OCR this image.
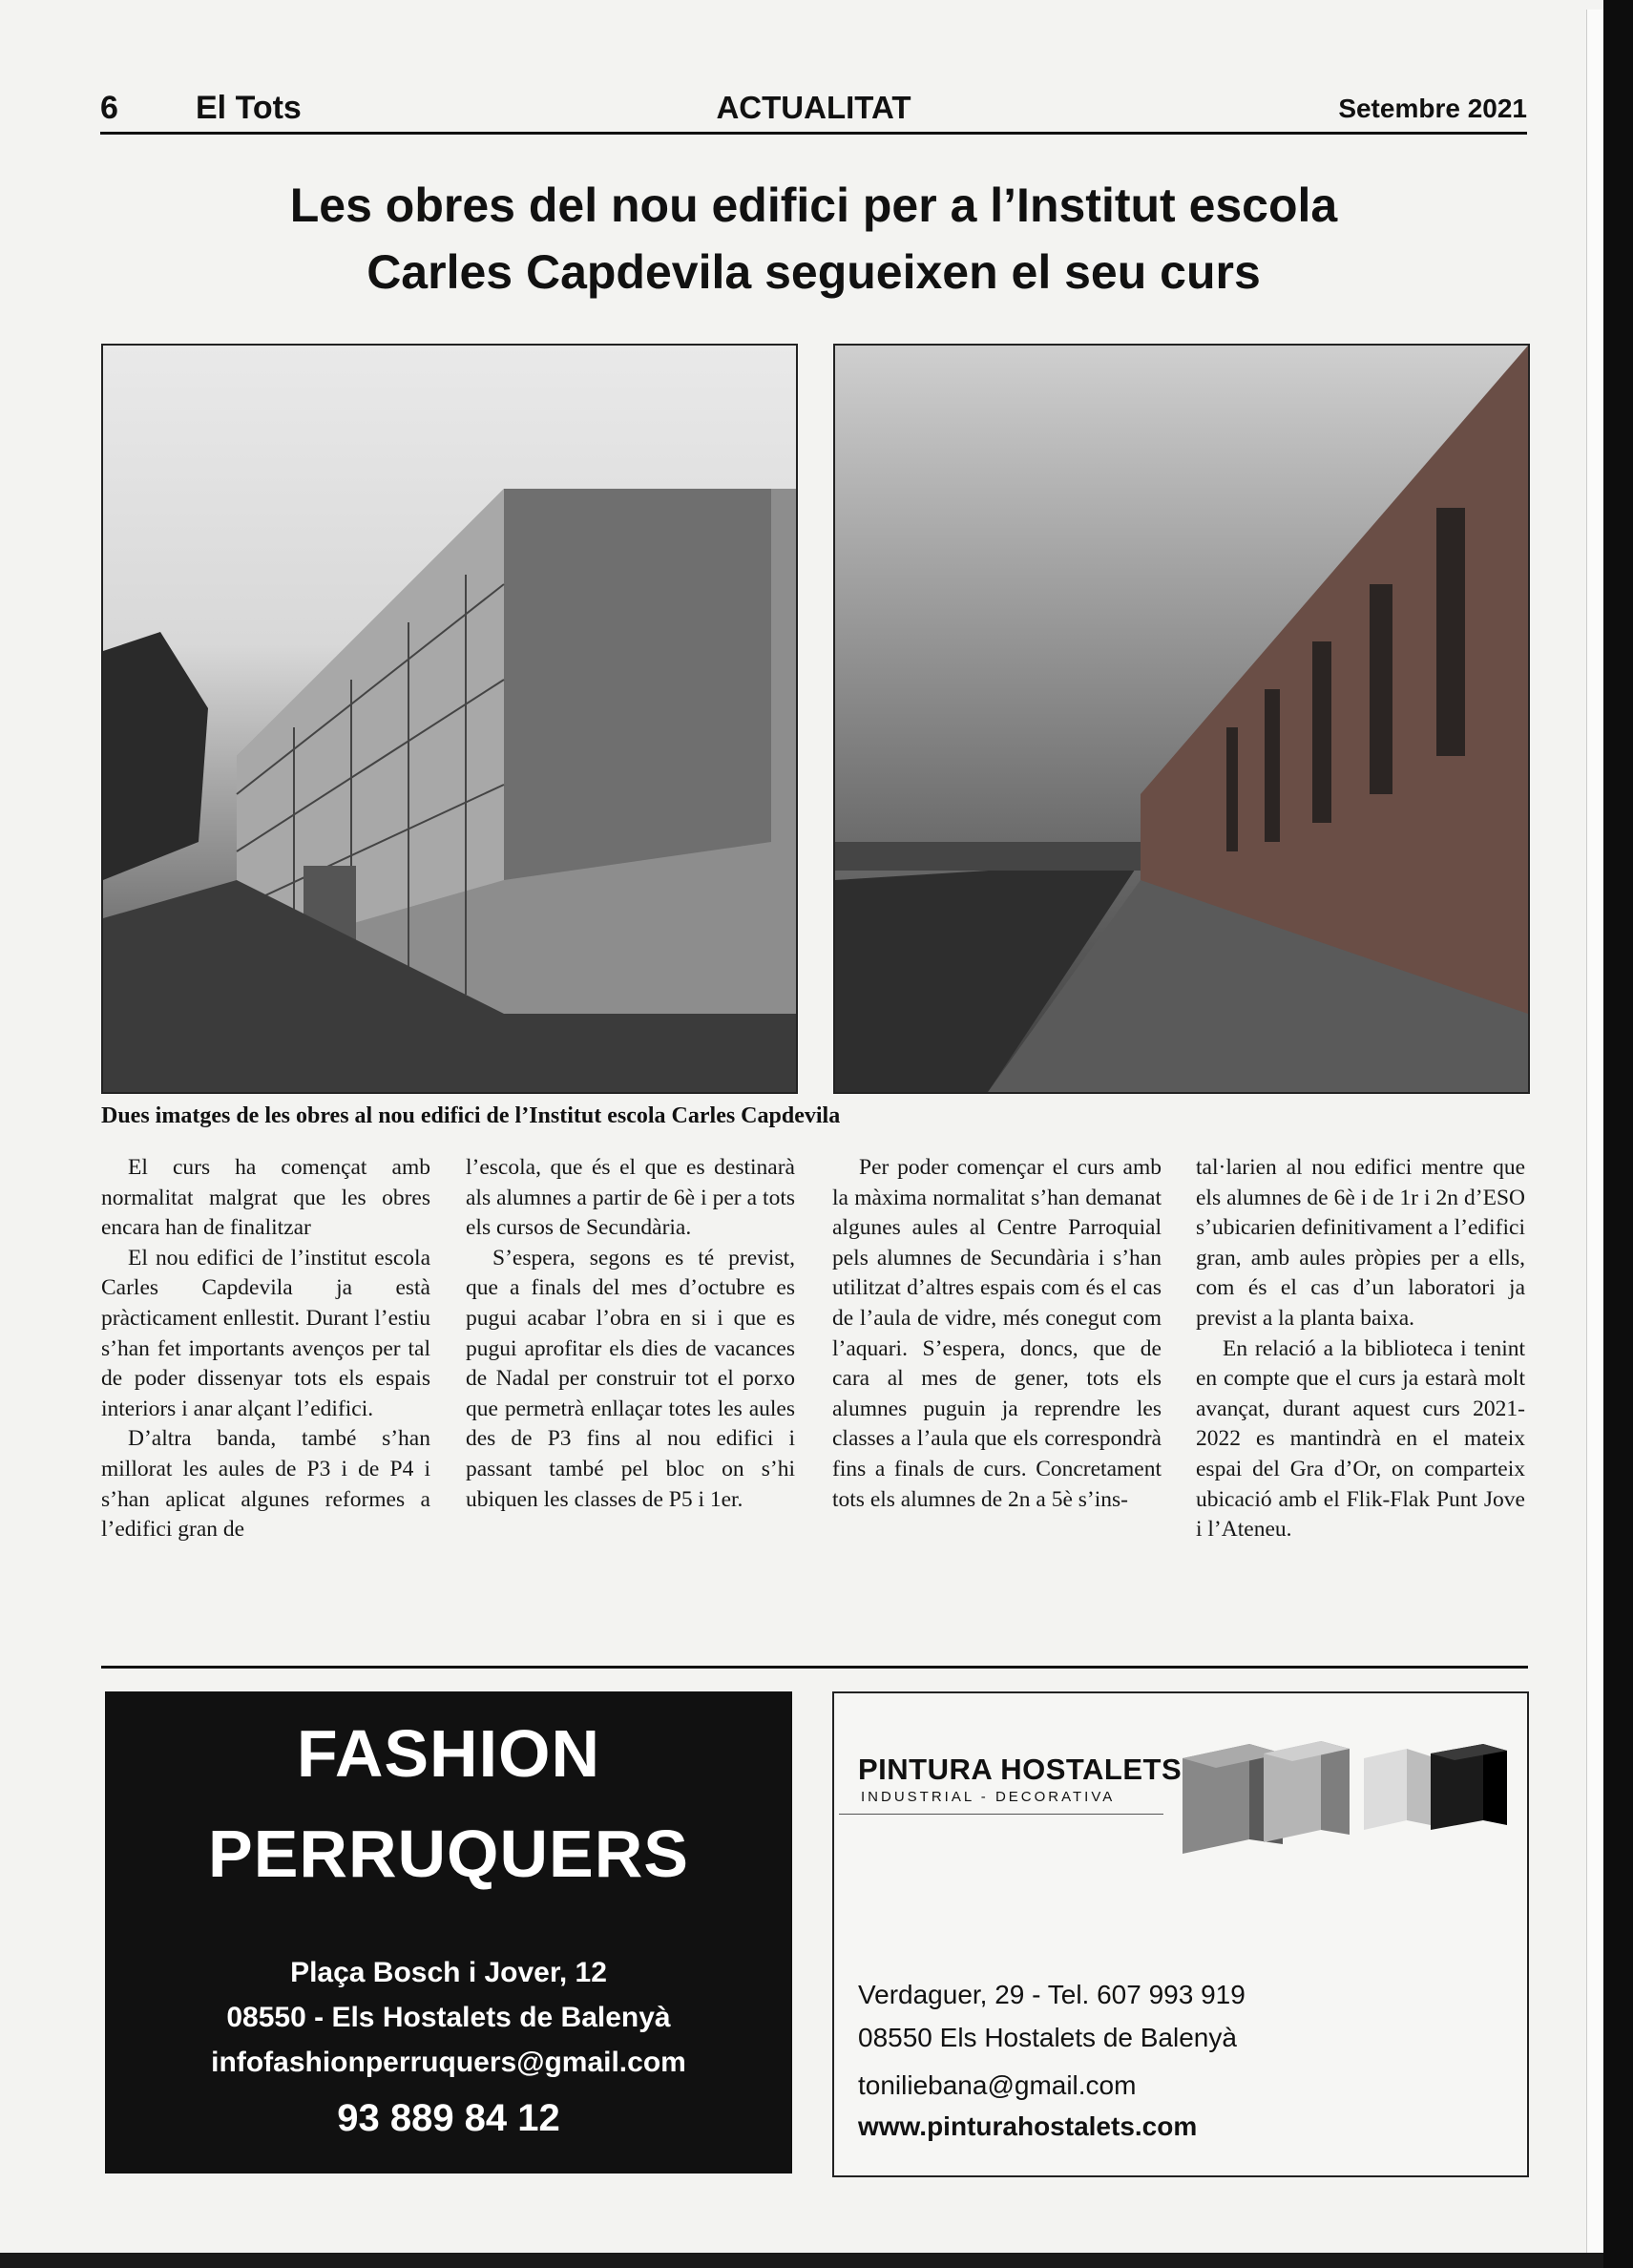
6 El Tots	ACTUALITAT	Setembre 2021
Les obres del nou edifici per a l’Institut escola
Carles Capdevila segueixen el seu curs
Dues imatges de les obres al nou edifici de l’Institut escola Carles Capdevila

El curs ha començat amb normalitat malgrat que les obres encara han de finalitzar

El nou edifici de l’institut escola Carles Capdevila ja està pràcticament enllestit. Durant l’estiu s’han fet importants avenços per tal de poder dissenyar tots els espais interiors i anar alçant l’edifici.

D’altra banda, també s’han millorat les aules de P3 i de P4 i s’han aplicat algunes reformes a l’edifici gran de

l’escola, que és el que es destinarà als alumnes a partir de 6è i per a tots els cursos de Secundària.

S’espera, segons es té previst, que a finals del mes d’octubre es pugui acabar l’obra en si i que es pugui aprofitar els dies de vacances de Nadal per construir tot el porxo que permetrà enllaçar totes les aules des de P3 fins al nou edifici i passant també pel bloc on s’hi ubiquen les classes de P5 i 1er.

Per poder començar el curs amb la màxima normalitat s’han demanat algunes aules al Centre Parroquial pels alumnes de Secundària i s’han utilitzat d’altres espais com és el cas de l’aula de vidre, més conegut com l’aquari. S’espera, doncs, que de cara al mes de gener, tots els alumnes puguin ja reprendre les classes a l’aula que els correspondrà fins a finals de curs. Concretament tots els alumnes de 2n a 5è s’ins-

tal·larien al nou edifici mentre que els alumnes de 6è i de 1r i 2n d’ESO s’ubicarien definitivament a l’edifici gran, amb aules pròpies per a ells, com és el cas d’un laboratori ja previst a la planta baixa.

En relació a la biblioteca i tenint en compte que el curs ja estarà molt avançat, durant aquest curs 2021-2022 es mantindrà en el mateix espai del Gra d’Or, on comparteix ubicació amb el Flik-Flak Punt Jove i l’Ateneu.

FASHION
PERRUQUERS
Plaça Bosch i Jover, 12
08550 - Els Hostalets de Balenyà
infofashionperruquers@gmail.com
93 889 84 12
PINTURA HOSTALETS
INDUSTRIAL - DECORATIVA
Verdaguer, 29 - Tel. 607 993 919
08550 Els Hostalets de Balenyà
toniliebana@gmail.com
www.pinturahostalets.com
